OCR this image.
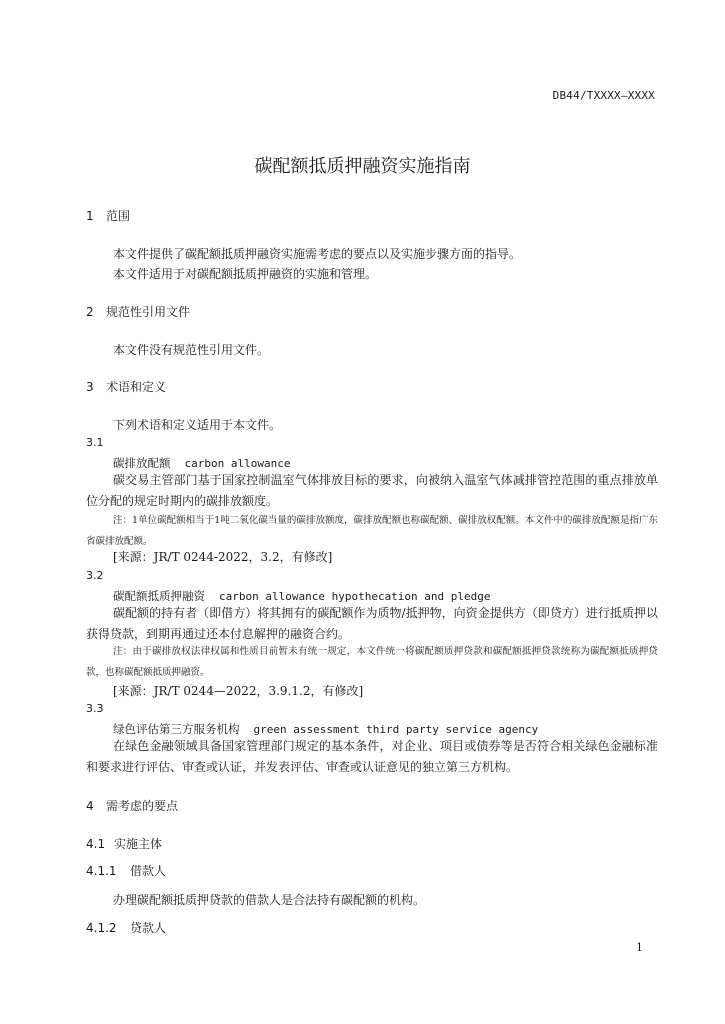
DB44/TXXXX—XXXX
碳配额抵质押融资实施指南
1 范围
本文件提供了碳配额抵质押融资实施需考虑的要点以及实施步骤方面的指导。
本文件适用于对碳配额抵质押融资的实施和管理。
2 规范性引用文件
本文件没有规范性引用文件。
3 术语和定义
下列术语和定义适用于本文件。
3.1
碳排放配额 carbon allowance
碳交易主管部门基于国家控制温室气体排放目标的要求，向被纳入温室气体减排管控范围的重点排放单位分配的规定时期内的碳排放额度。
注：1单位碳配额相当于1吨二氧化碳当量的碳排放额度，碳排放配额也称碳配额、碳排放权配额。本文件中的碳排放配额是指广东省碳排放配额。
[来源：JR/T 0244-2022，3.2，有修改]
3.2
碳配额抵质押融资 carbon allowance hypothecation and pledge
碳配额的持有者（即借方）将其拥有的碳配额作为质物/抵押物，向资金提供方（即贷方）进行抵质押以获得贷款，到期再通过还本付息解押的融资合约。
注：由于碳排放权法律权属和性质目前暂未有统一规定，本文件统一将碳配额质押贷款和碳配额抵押贷款统称为碳配额抵质押贷款，也称碳配额抵质押融资。
[来源：JR/T 0244—2022，3.9.1.2，有修改]
3.3
绿色评估第三方服务机构 green assessment third party service agency
在绿色金融领域具备国家管理部门规定的基本条件，对企业、项目或债券等是否符合相关绿色金融标准和要求进行评估、审查或认证，并发表评估、审查或认证意见的独立第三方机构。
4 需考虑的要点
4.1 实施主体
4.1.1 借款人
办理碳配额抵质押贷款的借款人是合法持有碳配额的机构。
4.1.2 贷款人
1
